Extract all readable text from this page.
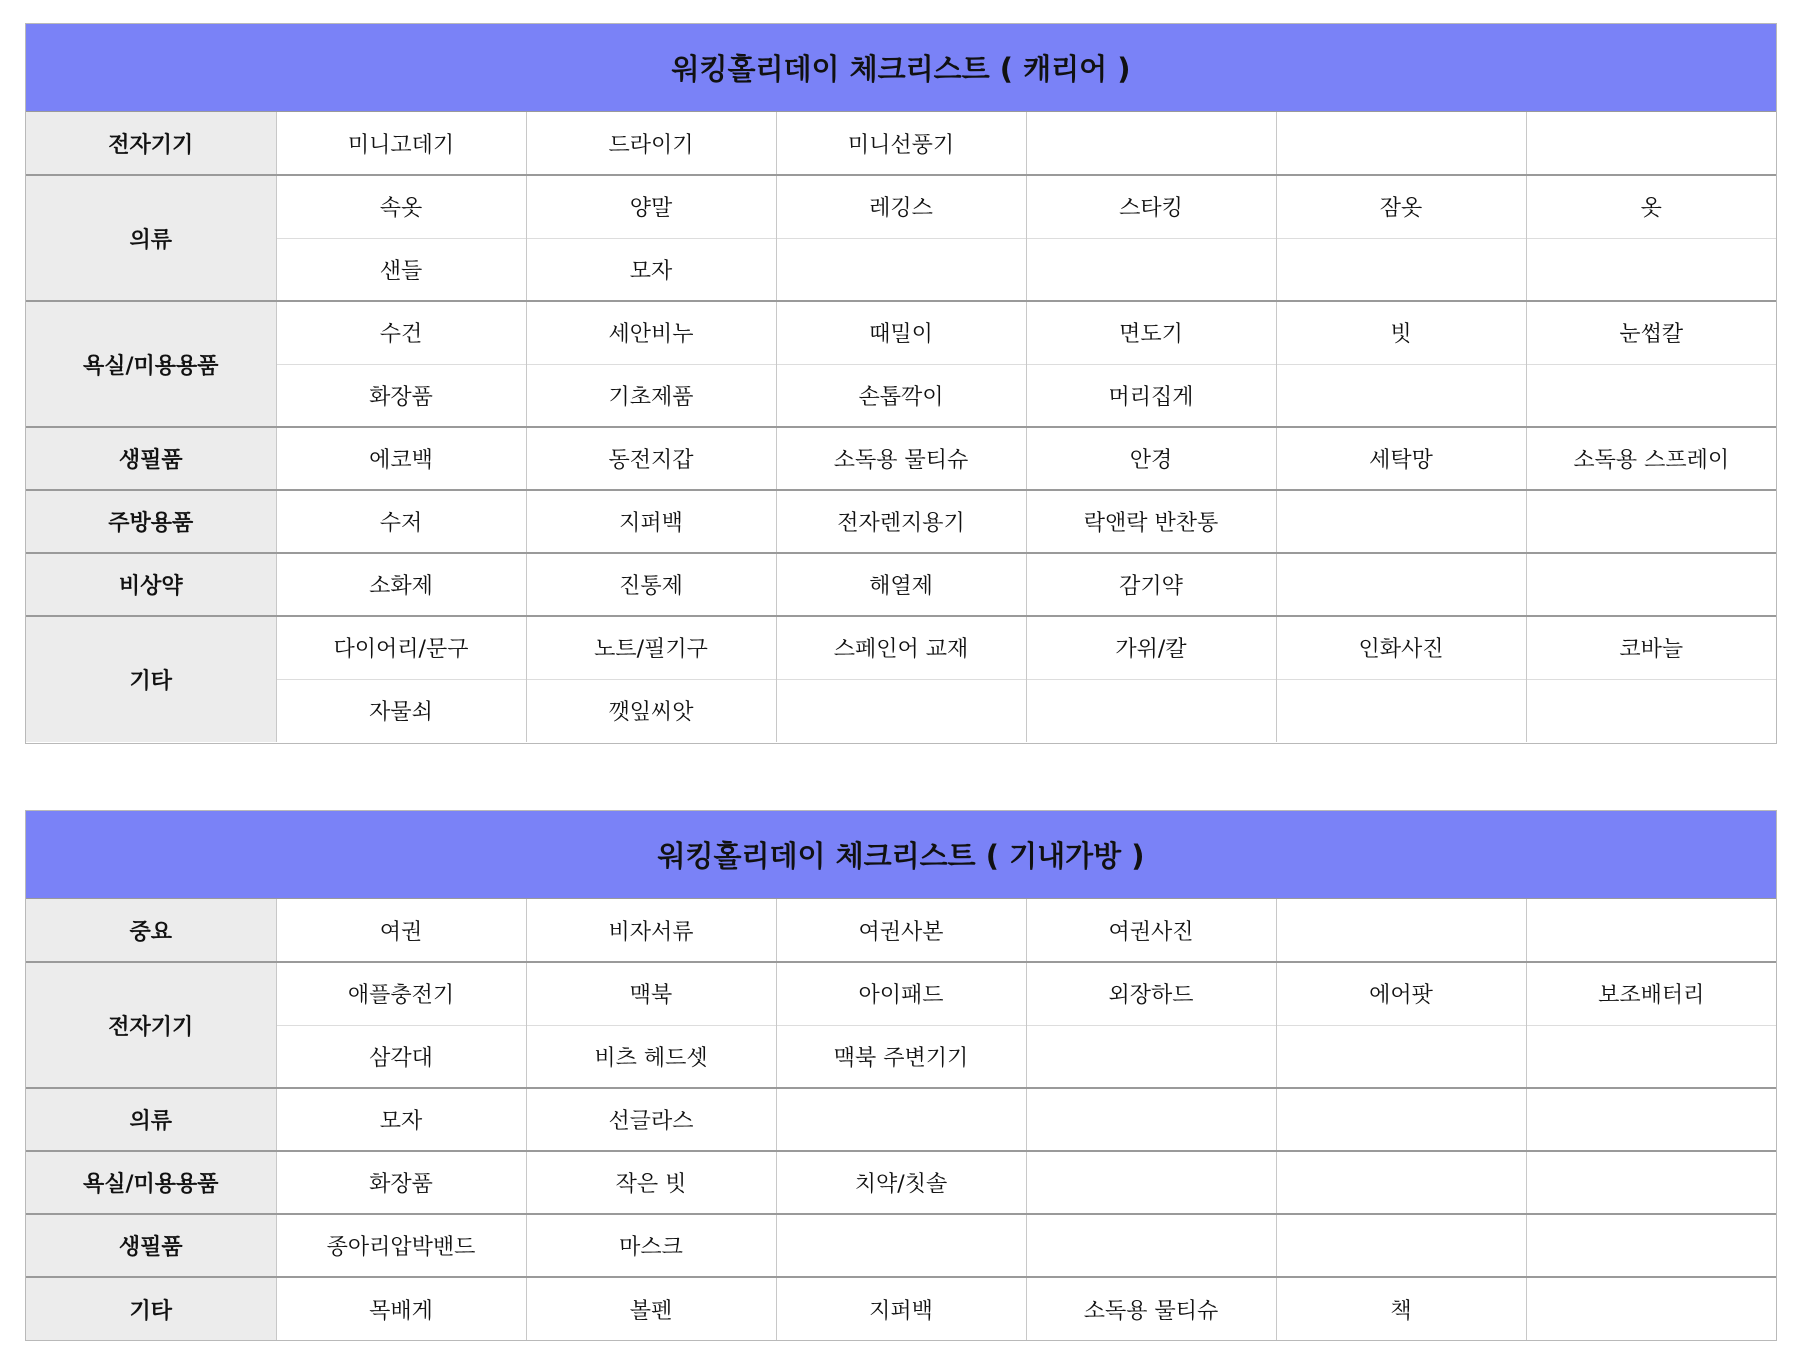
워킹홀리데이 체크리스트 ( 캐리어 )
전자기기	미니고데기	드라이기	미니선풍기			
의류	속옷	양말	레깅스	스타킹	잠옷	옷
	샌들	모자				
욕실/미용용품	수건	세안비누	때밀이	면도기	빗	눈썹칼
	화장품	기초제품	손톱깍이	머리집게		
생필품	에코백	동전지갑	소독용 물티슈	안경	세탁망	소독용 스프레이
주방용품	수저	지퍼백	전자렌지용기	락앤락 반찬통		
비상약	소화제	진통제	해열제	감기약		
기타	다이어리/문구	노트/필기구	스페인어 교재	가위/칼	인화사진	코바늘
	자물쇠	깻잎씨앗				
워킹홀리데이 체크리스트 ( 기내가방 )
중요	여권	비자서류	여권사본	여권사진		
전자기기	애플충전기	맥북	아이패드	외장하드	에어팟	보조배터리
	삼각대	비츠 헤드셋	맥북 주변기기			
의류	모자	선글라스				
욕실/미용용품	화장품	작은 빗	치약/칫솔			
생필품	종아리압박밴드	마스크				
기타	목배게	볼펜	지퍼백	소독용 물티슈	책	
